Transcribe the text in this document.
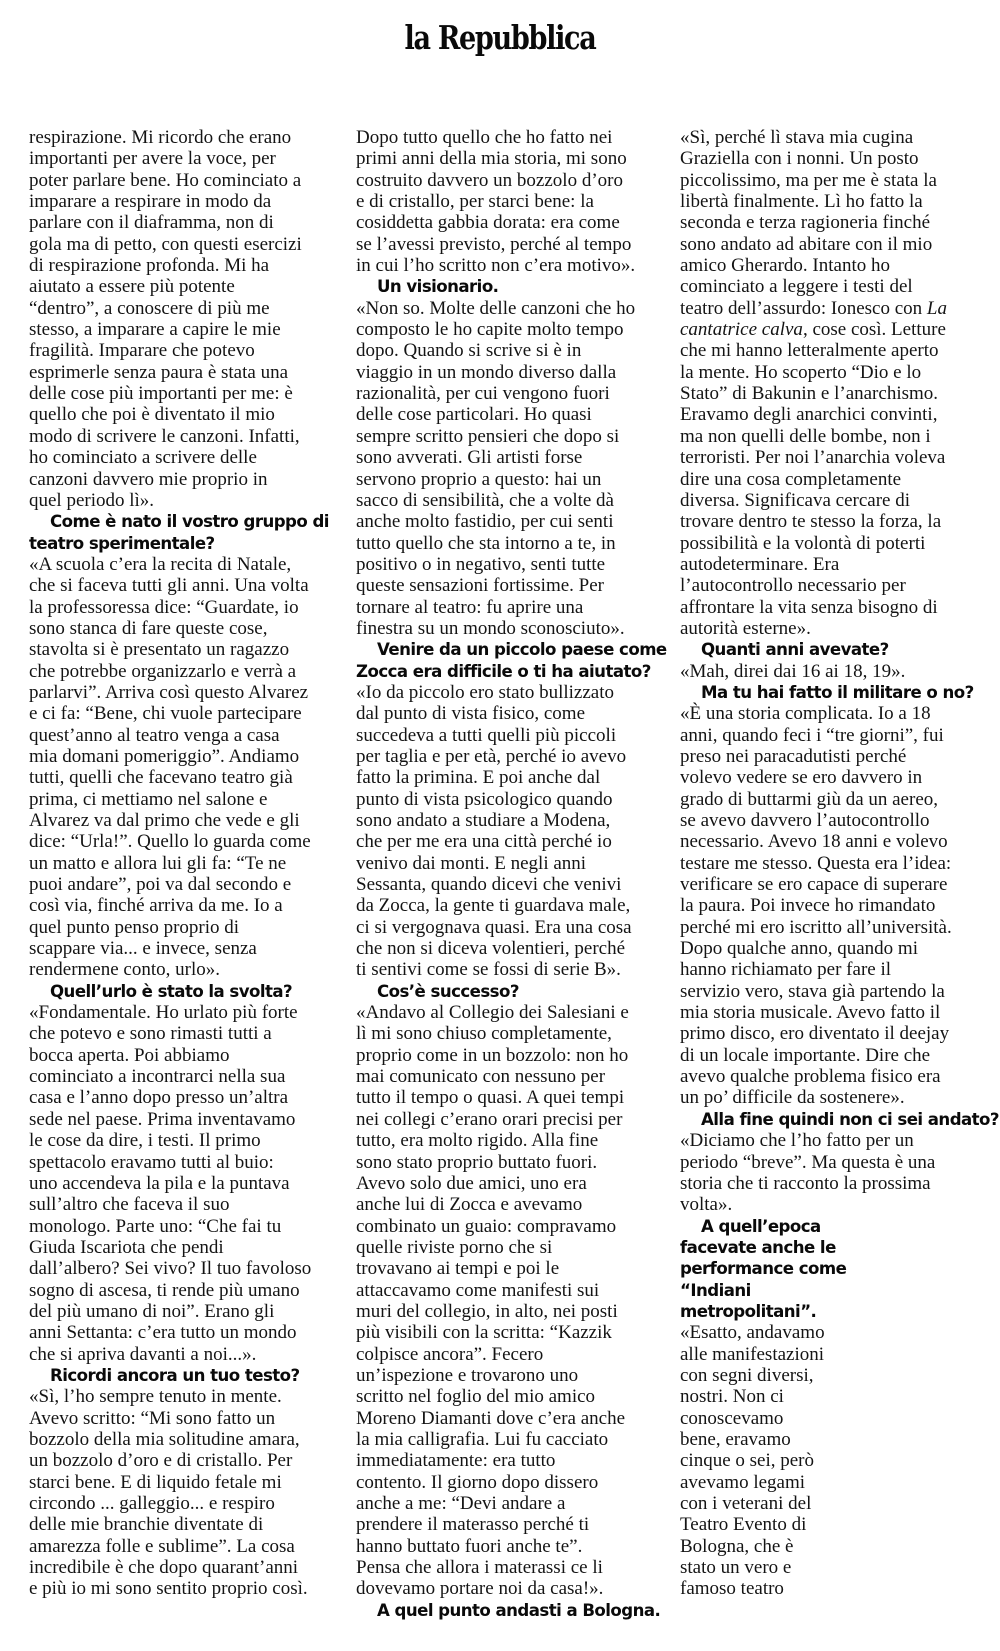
la Repubblica
respirazione. Mi ricordo che erano
importanti per avere la voce, per
poter parlare bene. Ho cominciato a
imparare a respirare in modo da
parlare con il diaframma, non di
gola ma di petto, con questi esercizi
di respirazione profonda. Mi ha
aiutato a essere più potente
“dentro”, a conoscere di più me
stesso, a imparare a capire le mie
fragilità. Imparare che potevo
esprimerle senza paura è stata una
delle cose più importanti per me: è
quello che poi è diventato il mio
modo di scrivere le canzoni. Infatti,
ho cominciato a scrivere delle
canzoni davvero mie proprio in
quel periodo lì».
Come è nato il vostro gruppo di
teatro sperimentale?
«A scuola c’era la recita di Natale,
che si faceva tutti gli anni. Una volta
la professoressa dice: “Guardate, io
sono stanca di fare queste cose,
stavolta si è presentato un ragazzo
che potrebbe organizzarlo e verrà a
parlarvi”. Arriva così questo Alvarez
e ci fa: “Bene, chi vuole partecipare
quest’anno al teatro venga a casa
mia domani pomeriggio”. Andiamo
tutti, quelli che facevano teatro già
prima, ci mettiamo nel salone e
Alvarez va dal primo che vede e gli
dice: “Urla!”. Quello lo guarda come
un matto e allora lui gli fa: “Te ne
puoi andare”, poi va dal secondo e
così via, finché arriva da me. Io a
quel punto penso proprio di
scappare via... e invece, senza
rendermene conto, urlo».
Quell’urlo è stato la svolta?
«Fondamentale. Ho urlato più forte
che potevo e sono rimasti tutti a
bocca aperta. Poi abbiamo
cominciato a incontrarci nella sua
casa e l’anno dopo presso un’altra
sede nel paese. Prima inventavamo
le cose da dire, i testi. Il primo
spettacolo eravamo tutti al buio:
uno accendeva la pila e la puntava
sull’altro che faceva il suo
monologo. Parte uno: “Che fai tu
Giuda Iscariota che pendi
dall’albero? Sei vivo? Il tuo favoloso
sogno di ascesa, ti rende più umano
del più umano di noi”. Erano gli
anni Settanta: c’era tutto un mondo
che si apriva davanti a noi...».
Ricordi ancora un tuo testo?
«Sì, l’ho sempre tenuto in mente.
Avevo scritto: “Mi sono fatto un
bozzolo della mia solitudine amara,
un bozzolo d’oro e di cristallo. Per
starci bene. E di liquido fetale mi
circondo ... galleggio... e respiro
delle mie branchie diventate di
amarezza folle e sublime”. La cosa
incredibile è che dopo quarant’anni
e più io mi sono sentito proprio così.
Dopo tutto quello che ho fatto nei
primi anni della mia storia, mi sono
costruito davvero un bozzolo d’oro
e di cristallo, per starci bene: la
cosiddetta gabbia dorata: era come
se l’avessi previsto, perché al tempo
in cui l’ho scritto non c’era motivo».
Un visionario.
«Non so. Molte delle canzoni che ho
composto le ho capite molto tempo
dopo. Quando si scrive si è in
viaggio in un mondo diverso dalla
razionalità, per cui vengono fuori
delle cose particolari. Ho quasi
sempre scritto pensieri che dopo si
sono avverati. Gli artisti forse
servono proprio a questo: hai un
sacco di sensibilità, che a volte dà
anche molto fastidio, per cui senti
tutto quello che sta intorno a te, in
positivo o in negativo, senti tutte
queste sensazioni fortissime. Per
tornare al teatro: fu aprire una
finestra su un mondo sconosciuto».
Venire da un piccolo paese come
Zocca era difficile o ti ha aiutato?
«Io da piccolo ero stato bullizzato
dal punto di vista fisico, come
succedeva a tutti quelli più piccoli
per taglia e per età, perché io avevo
fatto la primina. E poi anche dal
punto di vista psicologico quando
sono andato a studiare a Modena,
che per me era una città perché io
venivo dai monti. E negli anni
Sessanta, quando dicevi che venivi
da Zocca, la gente ti guardava male,
ci si vergognava quasi. Era una cosa
che non si diceva volentieri, perché
ti sentivi come se fossi di serie B».
Cos’è successo?
«Andavo al Collegio dei Salesiani e
lì mi sono chiuso completamente,
proprio come in un bozzolo: non ho
mai comunicato con nessuno per
tutto il tempo o quasi. A quei tempi
nei collegi c’erano orari precisi per
tutto, era molto rigido. Alla fine
sono stato proprio buttato fuori.
Avevo solo due amici, uno era
anche lui di Zocca e avevamo
combinato un guaio: compravamo
quelle riviste porno che si
trovavano ai tempi e poi le
attaccavamo come manifesti sui
muri del collegio, in alto, nei posti
più visibili con la scritta: “Kazzik
colpisce ancora”. Fecero
un’ispezione e trovarono uno
scritto nel foglio del mio amico
Moreno Diamanti dove c’era anche
la mia calligrafia. Lui fu cacciato
immediatamente: era tutto
contento. Il giorno dopo dissero
anche a me: “Devi andare a
prendere il materasso perché ti
hanno buttato fuori anche te”.
Pensa che allora i materassi ce li
dovevamo portare noi da casa!».
A quel punto andasti a Bologna.
«Sì, perché lì stava mia cugina
Graziella con i nonni. Un posto
piccolissimo, ma per me è stata la
libertà finalmente. Lì ho fatto la
seconda e terza ragioneria finché
sono andato ad abitare con il mio
amico Gherardo. Intanto ho
cominciato a leggere i testi del
teatro dell’assurdo: Ionesco con La
cantatrice calva, cose così. Letture
che mi hanno letteralmente aperto
la mente. Ho scoperto “Dio e lo
Stato” di Bakunin e l’anarchismo.
Eravamo degli anarchici convinti,
ma non quelli delle bombe, non i
terroristi. Per noi l’anarchia voleva
dire una cosa completamente
diversa. Significava cercare di
trovare dentro te stesso la forza, la
possibilità e la volontà di poterti
autodeterminare. Era
l’autocontrollo necessario per
affrontare la vita senza bisogno di
autorità esterne».
Quanti anni avevate?
«Mah, direi dai 16 ai 18, 19».
Ma tu hai fatto il militare o no?
«È una storia complicata. Io a 18
anni, quando feci i “tre giorni”, fui
preso nei paracadutisti perché
volevo vedere se ero davvero in
grado di buttarmi giù da un aereo,
se avevo davvero l’autocontrollo
necessario. Avevo 18 anni e volevo
testare me stesso. Questa era l’idea:
verificare se ero capace di superare
la paura. Poi invece ho rimandato
perché mi ero iscritto all’università.
Dopo qualche anno, quando mi
hanno richiamato per fare il
servizio vero, stava già partendo la
mia storia musicale. Avevo fatto il
primo disco, ero diventato il deejay
di un locale importante. Dire che
avevo qualche problema fisico era
un po’ difficile da sostenere».
Alla fine quindi non ci sei andato?
«Diciamo che l’ho fatto per un
periodo “breve”. Ma questa è una
storia che ti racconto la prossima
volta».
A quell’epoca
facevate anche le
performance come
“Indiani
metropolitani”.
«Esatto, andavamo
alle manifestazioni
con segni diversi,
nostri. Non ci
conoscevamo
bene, eravamo
cinque o sei, però
avevamo legami
con i veterani del
Teatro Evento di
Bologna, che è
stato un vero e
famoso teatro
